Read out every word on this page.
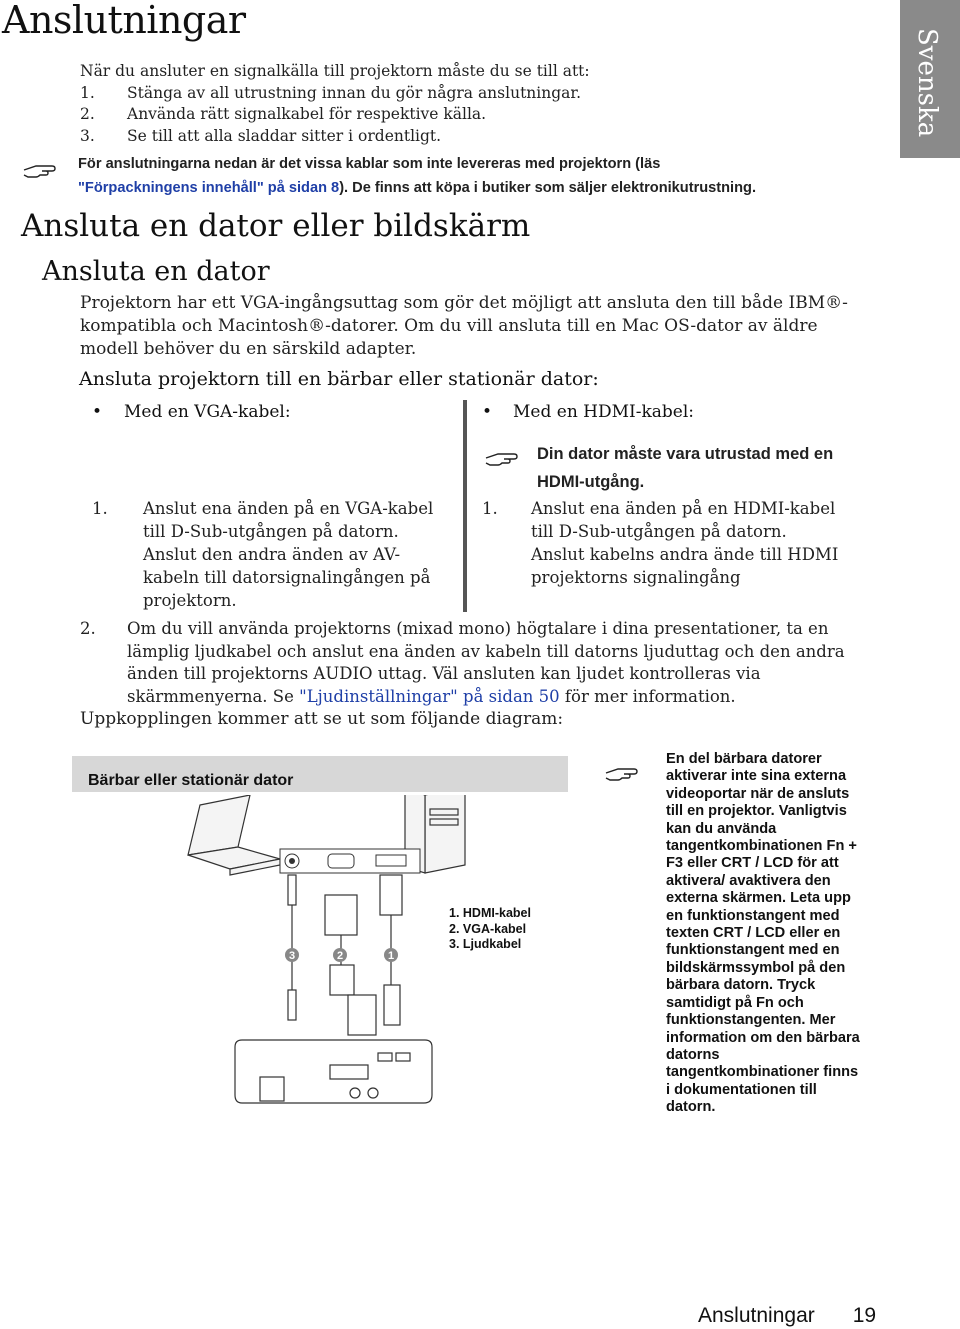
Anslutningar
Svenska
När du ansluter en signalkälla till projektorn måste du se till att:
1. Stänga av all utrustning innan du gör några anslutningar.
2. Använda rätt signalkabel för respektive källa.
3. Se till att alla sladdar sitter i ordentligt.
För anslutningarna nedan är det vissa kablar som inte levereras med projektorn (läs
"Förpackningens innehåll" på sidan 8). De finns att köpa i butiker som säljer elektronikutrustning.
Ansluta en dator eller bildskärm
Ansluta en dator
Projektorn har ett VGA-ingångsuttag som gör det möjligt att ansluta den till både IBM®-kompatibla och Macintosh®-datorer. Om du vill ansluta till en Mac OS-dator av äldre modell behöver du en särskild adapter.
Ansluta projektorn till en bärbar eller stationär dator:
• Med en VGA-kabel:
1. Anslut ena änden på en VGA-kabel till D-Sub-utgången på datorn. Anslut den andra änden av AV-kabeln till datorsignalingången på projektorn.
• Med en HDMI-kabel:
Din dator måste vara utrustad med en HDMI-utgång.
1. Anslut ena änden på en HDMI-kabel till D-Sub-utgången på datorn. Anslut kabelns andra ände till HDMI projektorns signalingång
2. Om du vill använda projektorns (mixad mono) högtalare i dina presentationer, ta en lämplig ljudkabel och anslut ena änden av kabeln till datorns ljuduttag och den andra änden till projektorns AUDIO uttag. Väl ansluten kan ljudet kontrolleras via skärmmenyerna. Se "Ljudinställningar" på sidan 50 för mer information.
Uppkopplingen kommer att se ut som följande diagram:
Bärbar eller stationär dator
3	2	1
1. HDMI-kabel
2. VGA-kabel
3. Ljudkabel
En del bärbara datorer aktiverar inte sina externa videoportar när de ansluts till en projektor. Vanligtvis kan du använda tangentkombinationen Fn + F3 eller CRT / LCD för att aktivera/ avaktivera den externa skärmen. Leta upp en funktionstangent med texten CRT / LCD eller en funktionstangent med en bildskärmssymbol på den bärbara datorn. Tryck samtidigt på Fn och funktionstangenten. Mer information om den bärbara datorns tangentkombinationer finns i dokumentationen till datorn.
Anslutningar 19
